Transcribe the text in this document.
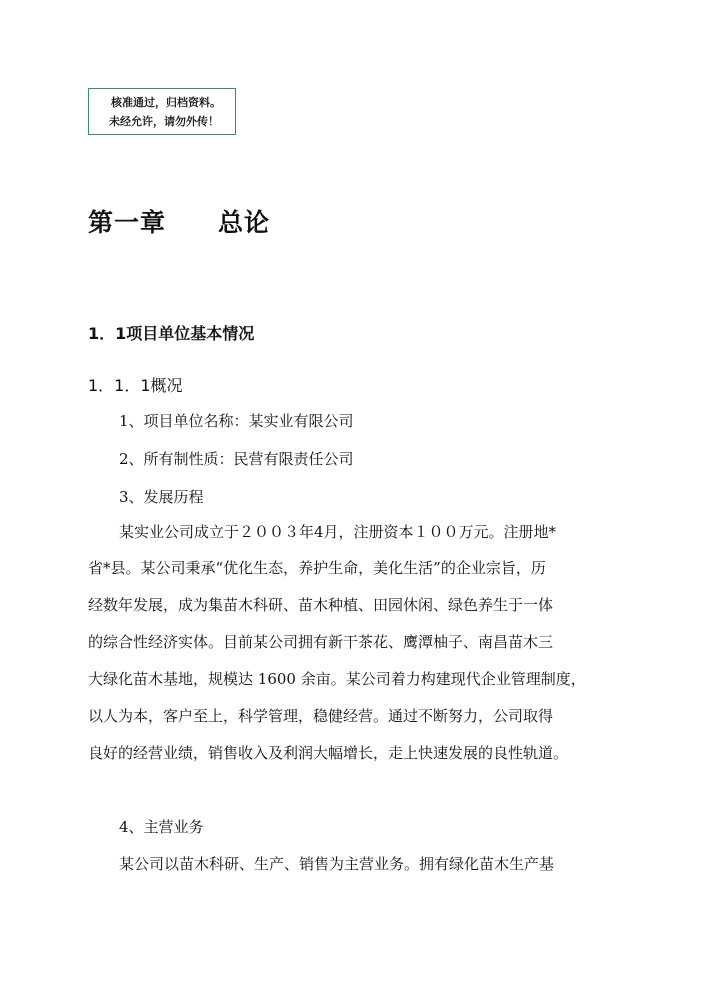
核准通过，归档资料。
未经允许，请勿外传！
第一章 总论
1．1项目单位基本情况
1．1．1概况
1、项目单位名称：某实业有限公司
2、所有制性质：民营有限责任公司
3、发展历程
某实业公司成立于２００３年4月，注册资本１００万元。注册地*
省*县。某公司秉承“优化生态，养护生命，美化生活”的企业宗旨，历
经数年发展，成为集苗木科研、苗木种植、田园休闲、绿色养生于一体
的综合性经济实体。目前某公司拥有新干茶花、鹰潭柚子、南昌苗木三
大绿化苗木基地，规模达 1600 余亩。某公司着力构建现代企业管理制度，
以人为本，客户至上，科学管理，稳健经营。通过不断努力，公司取得
良好的经营业绩，销售收入及利润大幅增长，走上快速发展的良性轨道。
4、主营业务
某公司以苗木科研、生产、销售为主营业务。拥有绿化苗木生产基
